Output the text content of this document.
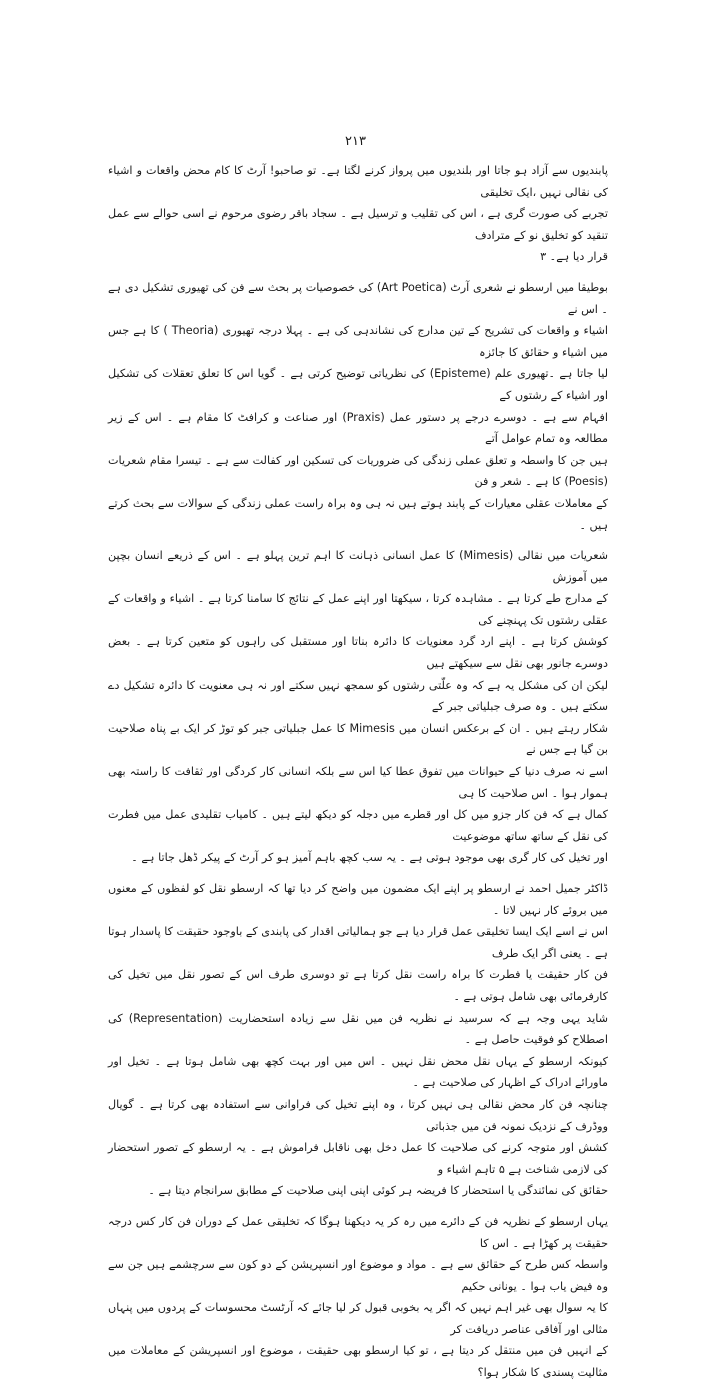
۲۱۳

پابندیوں سے آزاد ہو جاتا اور بلندیوں میں پرواز کرنے لگتا ہے۔ تو صاحبو! آرٹ کا کام محض واقعات و اشیاء کی نقالی نہیں ،ایک تخلیقی

تجربے کی صورت گری ہے ، اس کی تقلیب و ترسیل ہے ۔ سجاد باقر رضوی مرحوم نے اسی حوالے سے عمل تنقید کو تخلیق نو کے مترادف

قرار دیا ہے۔ ۳

بوطیقا میں ارسطو نے شعری آرٹ (Art Poetica) کی خصوصیات پر بحث سے فن کی تھیوری تشکیل دی ہے ۔ اس نے

اشیاء و واقعات کی تشریح کے تین مدارج کی نشاندہی کی ہے ۔ پہلا درجہ تھیوری (Theoria ) کا ہے جس میں اشیاء و حقائق کا جائزہ

لیا جاتا ہے ۔تھیوری علم (Episteme) کی نظریاتی توضیح کرتی ہے ۔ گویا اس کا تعلق تعقلات کی تشکیل اور اشیاء کے رشتوں کے

افہام سے ہے ۔ دوسرے درجے پر دستور عمل (Praxis) اور صناعت و کرافٹ کا مقام ہے ۔ اس کے زیر مطالعہ وہ تمام عوامل آتے

ہیں جن کا واسطہ و تعلق عملی زندگی کی ضروریات کی تسکین اور کفالت سے ہے ۔ تیسرا مقام شعریات (Poesis) کا ہے ۔ شعر و فن

کے معاملات عقلی معیارات کے پابند ہوتے ہیں نہ ہی وہ براہ راست عملی زندگی کے سوالات سے بحث کرتے ہیں ۔

شعریات میں نقالی (Mimesis) کا عمل انسانی ذہانت کا اہم ترین پہلو ہے ۔ اس کے ذریعے انسان بچپن میں آموزش

کے مدارج طے کرتا ہے ۔ مشاہدہ کرتا ، سیکھتا اور اپنے عمل کے نتائج کا سامنا کرتا ہے ۔ اشیاء و واقعات کے عقلی رشتوں تک پہنچنے کی

کوشش کرتا ہے ۔ اپنے ارد گرد معنویات کا دائرہ بناتا اور مستقبل کی راہوں کو متعین کرتا ہے ۔ بعض دوسرے جانور بھی نقل سے سیکھتے ہیں

لیکن ان کی مشکل یہ ہے کہ وہ علّتی رشتوں کو سمجھ نہیں سکتے اور نہ ہی معنویت کا دائرہ تشکیل دے سکتے ہیں ۔ وہ صرف جبلیاتی جبر کے

شکار رہتے ہیں ۔ ان کے برعکس انسان میں Mimesis کا عمل جبلیاتی جبر کو توڑ کر ایک بے پناہ صلاحیت بن گیا ہے جس نے

اسے نہ صرف دنیا کے حیوانات میں تفوق عطا کیا اس سے بلکہ انسانی کار کردگی اور ثقافت کا راستہ بھی ہموار ہوا ۔ اس صلاحیت کا ہی

کمال ہے کہ فن کار جزو میں کل اور قطرے میں دجلہ کو دیکھ لیتے ہیں ۔ کامیاب تقلیدی عمل میں فطرت کی نقل کے ساتھ ساتھ موضوعیت

اور تخیل کی کار گری بھی موجود ہوتی ہے ۔ یہ سب کچھ باہم آمیز ہو کر آرٹ کے پیکر ڈھل جاتا ہے ۔

ڈاکٹر جمیل احمد نے ارسطو پر اپنے ایک مضمون میں واضح کر دیا تھا کہ ارسطو نقل کو لفظوں کے معنوں میں بروئے کار نہیں لاتا ۔

اس نے اسے ایک ایسا تخلیقی عمل قرار دیا ہے جو ہمالیاتی اقدار کی پابندی کے باوجود حقیقت کا پاسدار ہوتا ہے ۔ یعنی اگر ایک طرف

فن کار حقیقت یا فطرت کا براہ راست نقل کرتا ہے تو دوسری طرف اس کے تصور نقل میں تخیل کی کارفرمائی بھی شامل ہوتی ہے ۔

شاید یہی وجہ ہے کہ سرسید نے نظریہ فن میں نقل سے زیادہ استحضاریت (Representation) کی اصطلاح کو فوقیت حاصل ہے ۔

کیونکہ ارسطو کے یہاں نقل محض نقل نہیں ۔ اس میں اور بہت کچھ بھی شامل ہوتا ہے ۔ تخیل اور ماورائے ادراک کے اظہار کی صلاحیت ہے ۔

چنانچہ فن کار محض نقالی ہی نہیں کرتا ، وہ اپنے تخیل کی فراوانی سے استفادہ بھی کرتا ہے ۔ گویال ووڈرف کے نزدیک نمونہ فن میں جذباتی

کشش اور متوجہ کرنے کی صلاحیت کا عمل دخل بھی ناقابل فراموش ہے ۔ یہ ارسطو کے تصور استحضار کی لازمی شناخت ہے ۵ تاہم اشیاء و

حقائق کی نمائندگی یا استحضار کا فریضہ ہر کوئی اپنی اپنی صلاحیت کے مطابق سرانجام دیتا ہے ۔

یہاں ارسطو کے نظریہ فن کے دائرے میں رہ کر یہ دیکھنا ہوگا کہ تخلیقی عمل کے دوران فن کار کس درجہ حقیقت پر کھڑا ہے ۔ اس کا

واسطہ کس طرح کے حقائق سے ہے ۔ مواد و موضوع اور انسپریشن کے دو کون سے سرچشمے ہیں جن سے وہ فیض یاب ہوا ۔ یونانی حکیم

کا یہ سوال بھی غیر اہم نہیں کہ اگر یہ بخوبی قبول کر لیا جائے کہ آرٹسٹ محسوسات کے پردوں میں پنہاں مثالی اور آفاقی عناصر دریافت کر

کے انہیں فن میں منتقل کر دیتا ہے ، تو کیا ارسطو بھی حقیقت ، موضوع اور انسپریشن کے معاملات میں مثالیت پسندی کا شکار ہوا؟
